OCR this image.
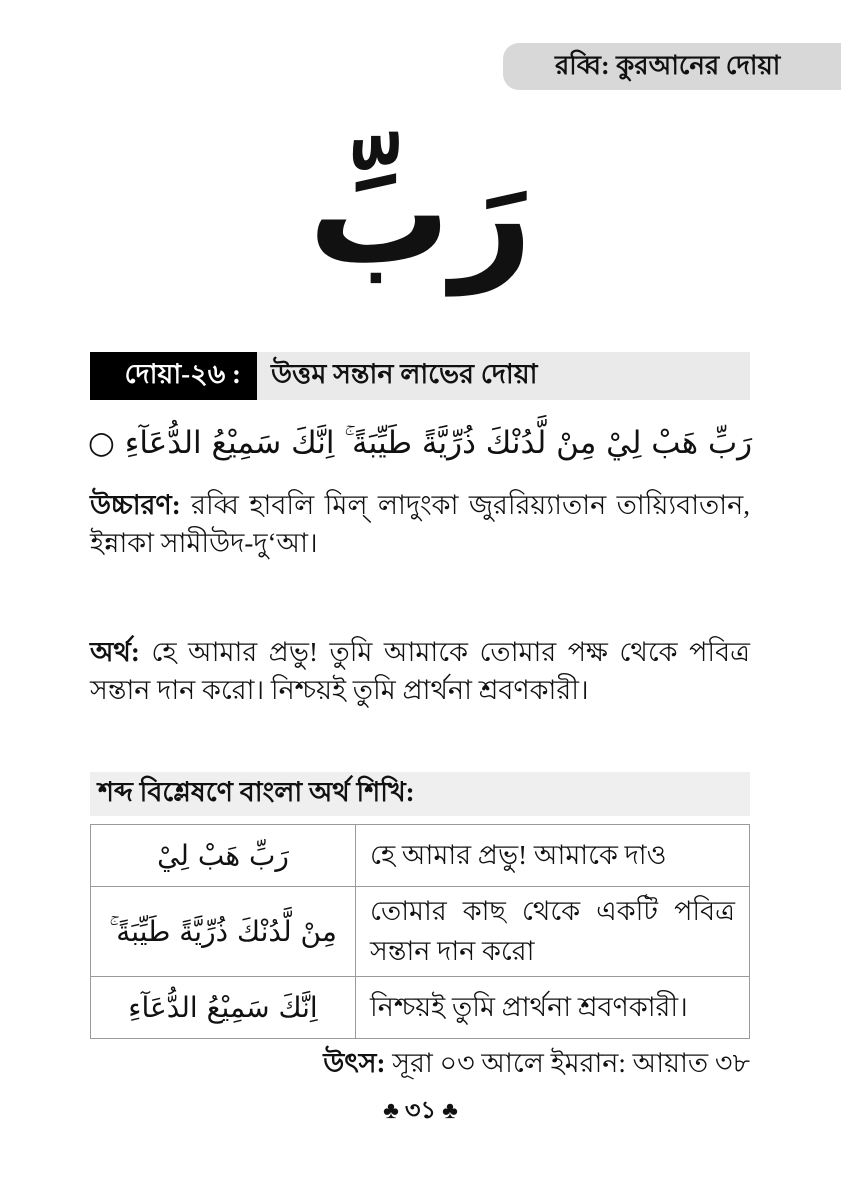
রব্বি: কুরআনের দোয়া
رَبِّ
দোয়া-২৬ :	উত্তম সন্তান লাভের দোয়া
رَبِّ هَبْ لِيْ مِنْ لَّدُنْكَ ذُرِّيَّةً طَيِّبَةً ۚ اِنَّكَ سَمِيْعُ الدُّعَآءِ ○
উচ্চারণ: রব্বি হাবলি মিল্ লাদুংকা জুররিয়্যাতান তায়্যিবাতান, ইন্নাকা সামীউদ-দু‘আ।
অর্থ: হে আমার প্রভু! তুমি আমাকে তোমার পক্ষ থেকে পবিত্র সন্তান দান করো। নিশ্চয়ই তুমি প্রার্থনা শ্রবণকারী।
শব্দ বিশ্লেষণে বাংলা অর্থ শিখি:
رَبِّ هَبْ لِيْ	হে আমার প্রভু! আমাকে দাও
مِنْ لَّدُنْكَ ذُرِّيَّةً طَيِّبَةً ۚ	তোমার কাছ থেকে একটি পবিত্র সন্তান দান করো
اِنَّكَ سَمِيْعُ الدُّعَآءِ	নিশ্চয়ই তুমি প্রার্থনা শ্রবণকারী।
উৎস: সূরা ০৩ আলে ইমরান: আয়াত ৩৮
♣ ৩১ ♣
